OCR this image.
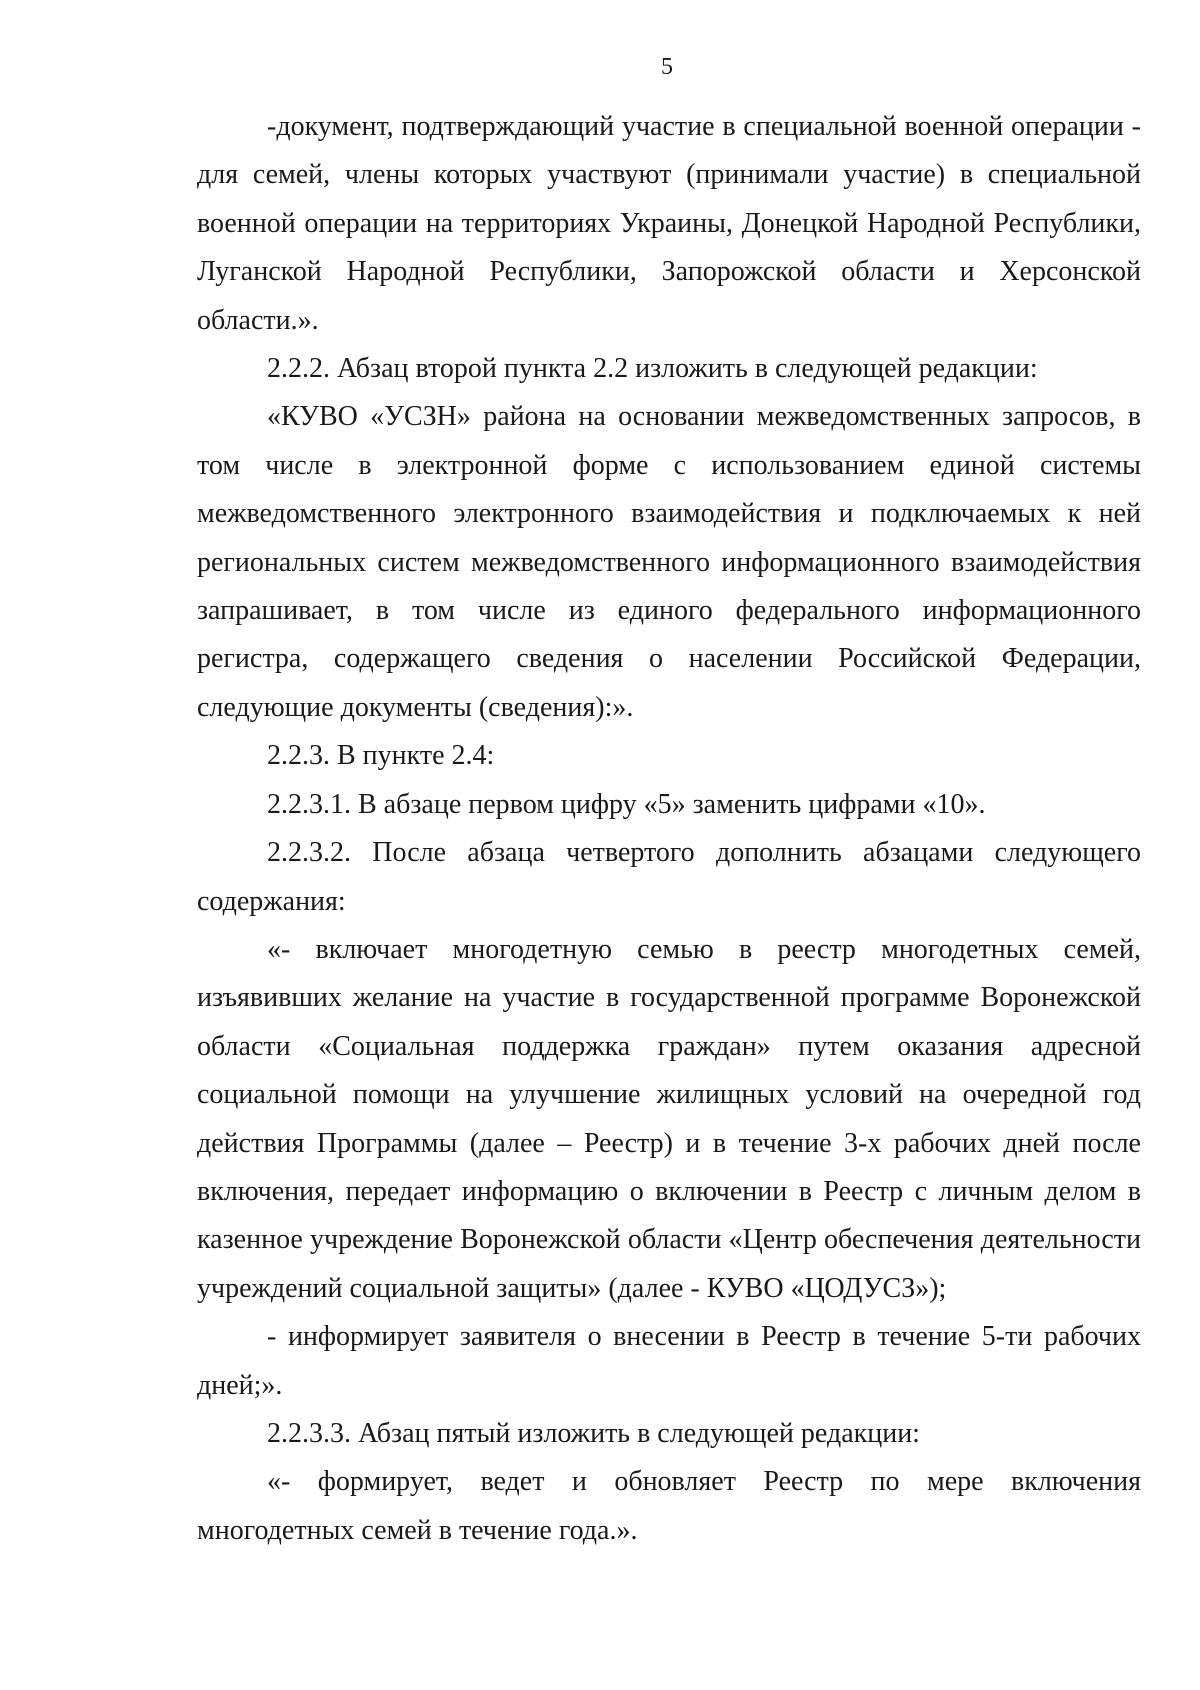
5

-документ, подтверждающий участие в специальной военной операции - для семей, члены которых участвуют (принимали участие) в специальной военной операции на территориях Украины, Донецкой Народной Республики, Луганской Народной Республики, Запорожской области и Херсонской области.».

2.2.2. Абзац второй пункта 2.2 изложить в следующей редакции:

«КУВО «УСЗН» района на основании межведомственных запросов, в том числе в электронной форме с использованием единой системы межведомственного электронного взаимодействия и подключаемых к ней региональных систем межведомственного информационного взаимодействия запрашивает, в том числе из единого федерального информационного регистра, содержащего сведения о населении Российской Федерации, следующие документы (сведения):».

2.2.3. В пункте 2.4:

2.2.3.1. В абзаце первом цифру «5» заменить цифрами «10».

2.2.3.2. После абзаца четвертого дополнить абзацами следующего содержания:

«- включает многодетную семью в реестр многодетных семей, изъявивших желание на участие в государственной программе Воронежской области «Социальная поддержка граждан» путем оказания адресной социальной помощи на улучшение жилищных условий на очередной год действия Программы (далее – Реестр) и в течение 3-х рабочих дней после включения, передает информацию о включении в Реестр с личным делом в казенное учреждение Воронежской области «Центр обеспечения деятельности учреждений социальной защиты» (далее - КУВО «ЦОДУСЗ»);

- информирует заявителя о внесении в Реестр в течение 5-ти рабочих дней;».

2.2.3.3. Абзац пятый изложить в следующей редакции:

«- формирует, ведет и обновляет Реестр по мере включения многодетных семей в течение года.».
